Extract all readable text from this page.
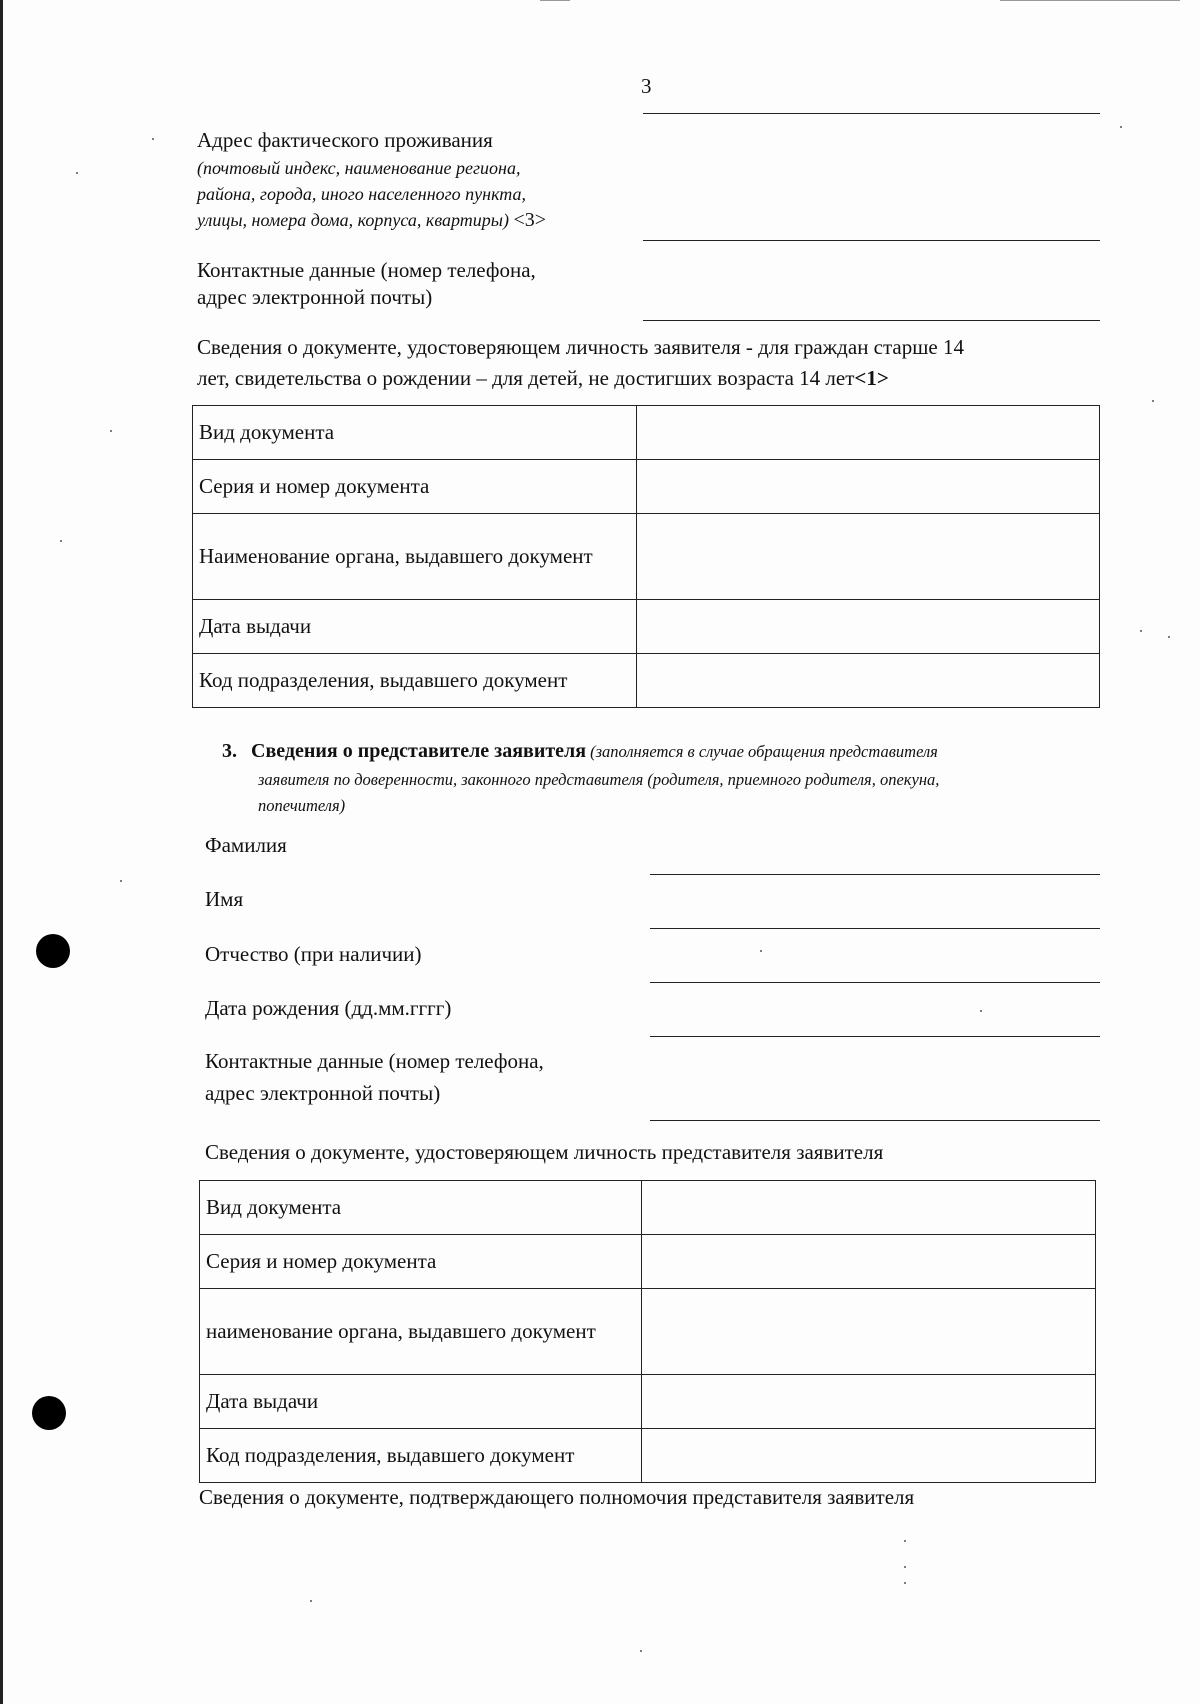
3
Адрес фактического проживания
(почтовый индекс, наименование региона,
района, города, иного населенного пункта,
улицы, номера дома, корпуса, квартиры) <3>
Контактные данные (номер телефона,
адрес электронной почты)
Сведения о документе, удостоверяющем личность заявителя - для граждан старше 14
лет, свидетельства о рождении – для детей, не достигших возраста 14 лет<1>
Вид документа	
Серия и номер документа	
Наименование органа, выдавшего документ	
Дата выдачи	
Код подразделения, выдавшего документ	
3. Сведения о представителе заявителя (заполняется в случае обращения представителя
заявителя по доверенности, законного представителя (родителя, приемного родителя, опекуна,
попечителя)
Фамилия
Имя
Отчество (при наличии)
Дата рождения (дд.мм.гггг)
Контактные данные (номер телефона,
адрес электронной почты)
Сведения о документе, удостоверяющем личность представителя заявителя
Вид документа	
Серия и номер документа	
наименование органа, выдавшего документ	
Дата выдачи	
Код подразделения, выдавшего документ	
Сведения о документе, подтверждающего полномочия представителя заявителя
